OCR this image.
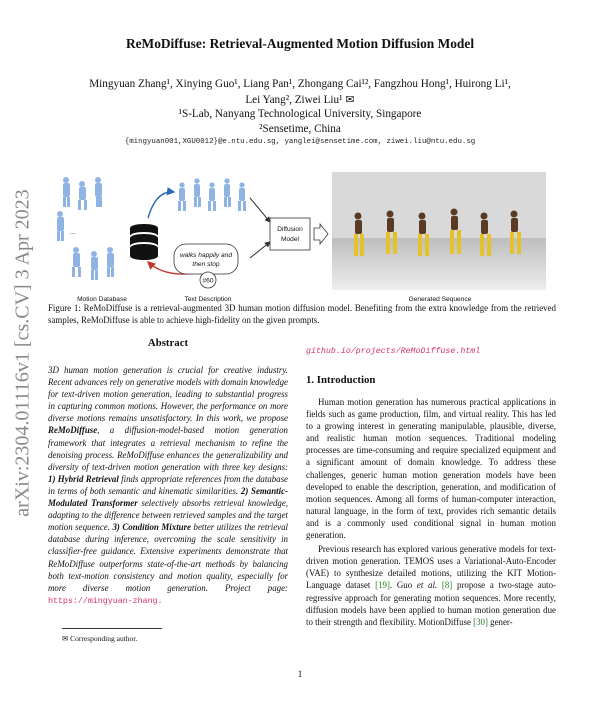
ReMoDiffuse: Retrieval-Augmented Motion Diffusion Model
Mingyuan Zhang¹, Xinying Guo¹, Liang Pan¹, Zhongang Cai¹², Fangzhou Hong¹, Huirong Li¹,
Lei Yang², Ziwei Liu¹ ✉
¹S-Lab, Nanyang Technological University, Singapore
²Sensetime, China
{mingyuan001,XGU0012}@e.ntu.edu.sg, yanglei@sensetime.com, ziwei.liu@ntu.edu.sg
arXiv:2304.01116v1 [cs.CV] 3 Apr 2023	...
walks happily and
then stop
#60
Diffusion
Model
Motion Database	Text Description	Generated Sequence
Figure 1: ReMoDiffuse is a retrieval-augmented 3D human motion diffusion model. Benefiting from the extra knowledge from the retrieved samples, ReMoDiffuse is able to achieve high-fidelity on the given prompts.
Abstract
3D human motion generation is crucial for creative industry. Recent advances rely on generative models with domain knowledge for text-driven motion generation, leading to substantial progress in capturing common motions. However, the performance on more diverse motions remains unsatisfactory. In this work, we propose ReMoDiffuse, a diffusion-model-based motion generation framework that integrates a retrieval mechanism to refine the denoising process. ReMoDiffuse enhances the generalizability and diversity of text-driven motion generation with three key designs: 1) Hybrid Retrieval finds appropriate references from the database in terms of both semantic and kinematic similarities. 2) Semantic-Modulated Transformer selectively absorbs retrieval knowledge, adapting to the difference between retrieved samples and the target motion sequence. 3) Condition Mixture better utilizes the retrieval database during inference, overcoming the scale sensitivity in classifier-free guidance. Extensive experiments demonstrate that ReMoDiffuse outperforms state-of-the-art methods by balancing both text-motion consistency and motion quality, especially for more diverse motion generation. Project page: https://mingyuan-zhang.
✉ Corresponding author.
github.io/projects/ReMoDiffuse.html
1. Introduction
Human motion generation has numerous practical applications in fields such as game production, film, and virtual reality. This has led to a growing interest in generating manipulable, plausible, diverse, and realistic human motion sequences. Traditional modeling processes are time-consuming and require specialized equipment and a significant amount of domain knowledge. To address these challenges, generic human motion generation models have been developed to enable the description, generation, and modification of motion sequences. Among all forms of human-computer interaction, natural language, in the form of text, provides rich semantic details and is a commonly used conditional signal in human motion generation.
Previous research has explored various generative models for text-driven motion generation. TEMOS uses a Variational-Auto-Encoder (VAE) to synthesize detailed motions, utilizing the KIT Motion-Language dataset [19]. Guo et al. [8] propose a two-stage auto-regressive approach for generating motion sequences. More recently, diffusion models have been applied to human motion generation due to their strength and flexibility. MotionDiffuse [30] gener-
1
